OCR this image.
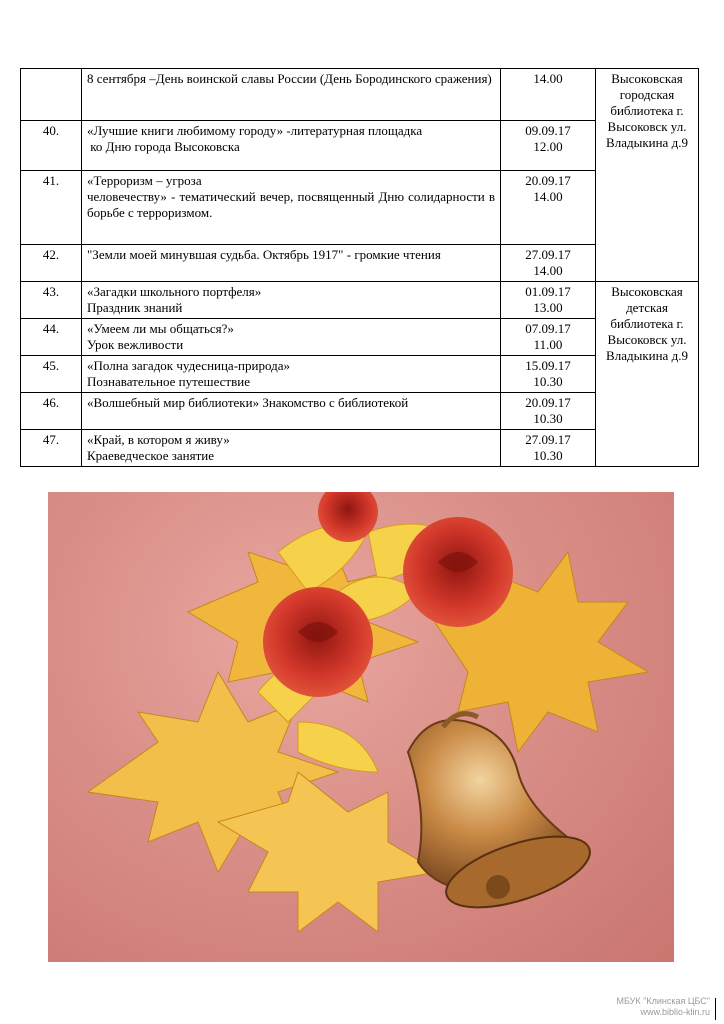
	8 сентября –День воинской славы России (День Бородинского сражения)	14.00	Высоковская городская библиотека г. Высоковск ул. Владыкина д.9
40.	«Лучшие книги любимому городу» -литературная площадка
ко Дню города Высоковска	09.09.17
12.00	

41.	«Терроризм – угроза
человечеству» - тематический вечер, посвященный Дню солидарности в борьбе с терроризмом.	20.09.17
14.00	

42.	"Земли моей минувшая судьба. Октябрь 1917" - громкие чтения	27.09.17
14.00	

43.	«Загадки школьного портфеля»
Праздник знаний	01.09.17
13.00	Высоковская детская библиотека г. Высоковск ул. Владыкина д.9
44.	«Умеем ли мы общаться?»
Урок вежливости	07.09.17
11.00	

45.	«Полна загадок чудесница-природа»
Познавательное путешествие	15.09.17
10.30	

46.	«Волшебный мир библиотеки» Знакомство с библиотекой	20.09.17
10.30	

47.	«Край, в котором я живу»
Краеведческое занятие	27.09.17
10.30	
МБУК "Клинская ЦБС"
www.biblio-klin.ru
